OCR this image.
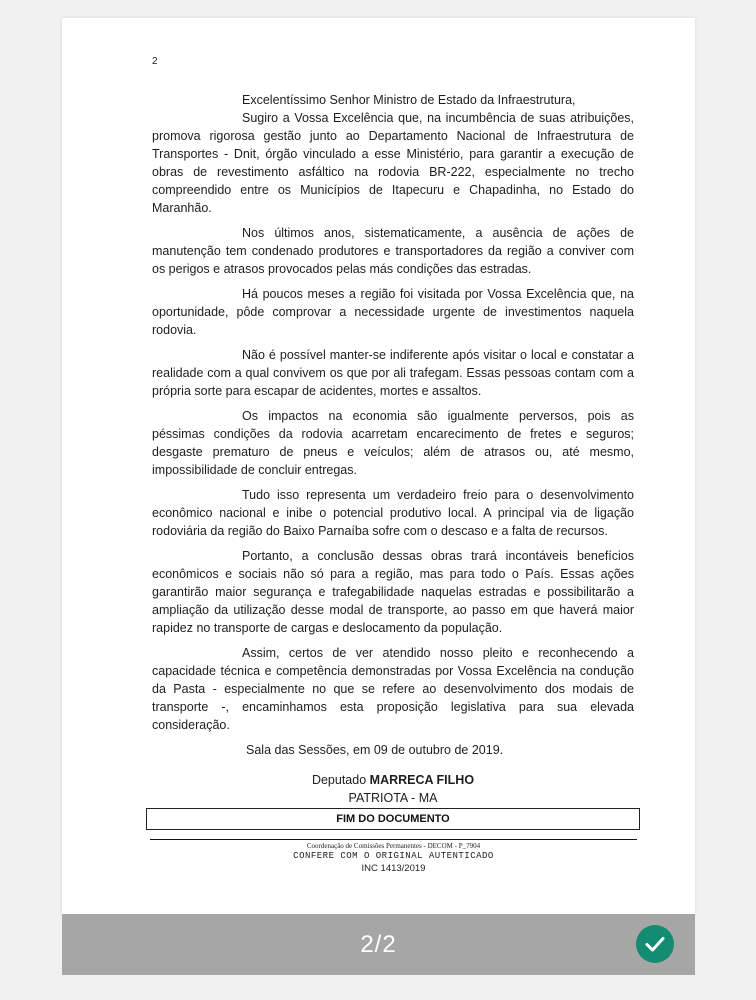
2

Excelentíssimo Senhor Ministro de Estado da Infraestrutura,

Sugiro a Vossa Excelência que, na incumbência de suas atribuições, promova rigorosa gestão junto ao Departamento Nacional de Infraestrutura de Transportes - Dnit, órgão vinculado a esse Ministério, para garantir a execução de obras de revestimento asfáltico na rodovia BR-222, especialmente no trecho compreendido entre os Municípios de Itapecuru e Chapadinha, no Estado do Maranhão.

Nos últimos anos, sistematicamente, a ausência de ações de manutenção tem condenado produtores e transportadores da região a conviver com os perigos e atrasos provocados pelas más condições das estradas.

Há poucos meses a região foi visitada por Vossa Excelência que, na oportunidade, pôde comprovar a necessidade urgente de investimentos naquela rodovia.

Não é possível manter-se indiferente após visitar o local e constatar a realidade com a qual convivem os que por ali trafegam. Essas pessoas contam com a própria sorte para escapar de acidentes, mortes e assaltos.

Os impactos na economia são igualmente perversos, pois as péssimas condições da rodovia acarretam encarecimento de fretes e seguros; desgaste prematuro de pneus e veículos; além de atrasos ou, até mesmo, impossibilidade de concluir entregas.

Tudo isso representa um verdadeiro freio para o desenvolvimento econômico nacional e inibe o potencial produtivo local. A principal via de ligação rodoviária da região do Baixo Parnaíba sofre com o descaso e a falta de recursos.

Portanto, a conclusão dessas obras trará incontáveis benefícios econômicos e sociais não só para a região, mas para todo o País. Essas ações garantirão maior segurança e trafegabilidade naquelas estradas e possibilitarão a ampliação da utilização desse modal de transporte, ao passo em que haverá maior rapidez no transporte de cargas e deslocamento da população.

Assim, certos de ver atendido nosso pleito e reconhecendo a capacidade técnica e competência demonstradas por Vossa Excelência na condução da Pasta - especialmente no que se refere ao desenvolvimento dos modais de transporte -, encaminhamos esta proposição legislativa para sua elevada consideração.

Sala das Sessões, em 09 de outubro de 2019.

Deputado MARRECA FILHO
PATRIOTA - MA
FIM DO DOCUMENTO
Coordenação de Comissões Permanentes - DECOM - P_7904
CONFERE COM O ORIGINAL AUTENTICADO
INC 1413/2019
2/2
